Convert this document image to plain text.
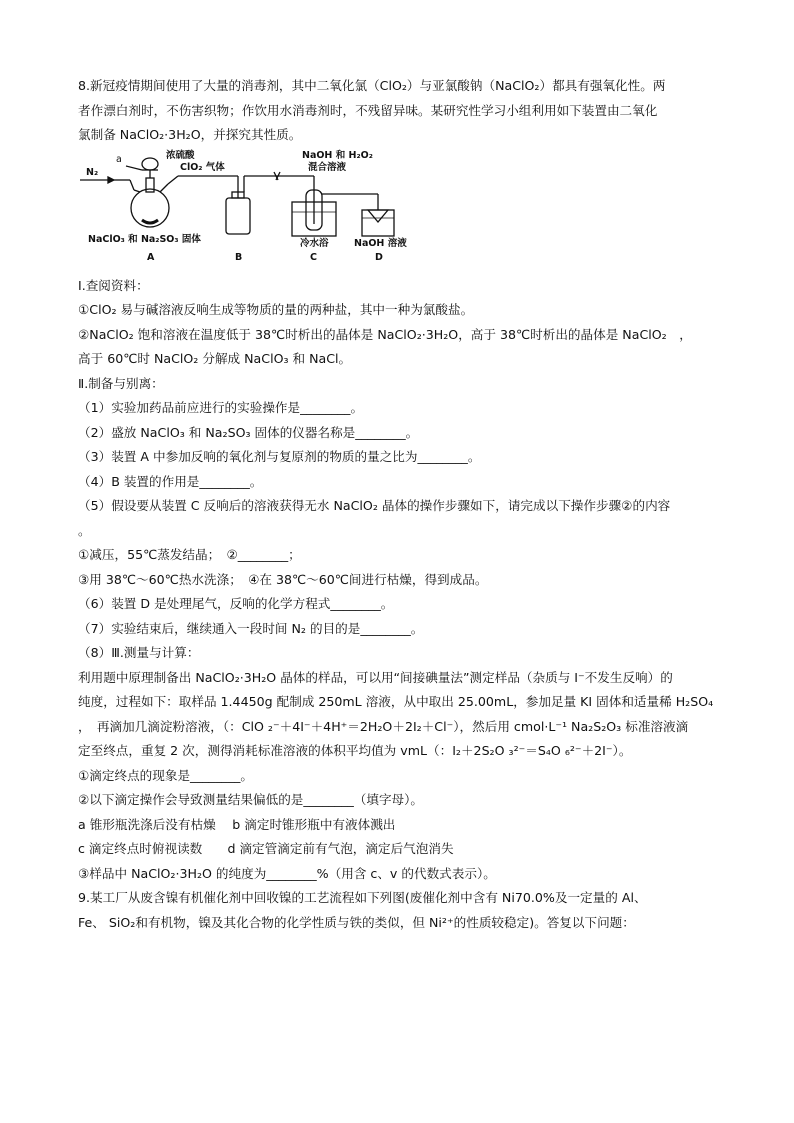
8.新冠疫情期间使用了大量的消毒剂，其中二氧化氯（ClO₂）与亚氯酸钠（NaClO₂）都具有强氧化性。两
者作漂白剂时，不伤害织物；作饮用水消毒剂时，不残留异味。某研究性学习小组利用如下装置由二氧化
氯制备 NaClO₂·3H₂O，并探究其性质。
a	浓硫酸
ClO₂ 气体
N₂
NaOH 和 H₂O₂
混合溶液
NaClO₃ 和 Na₂SO₃ 固体	冷水浴	NaOH 溶液
A	B	C	D
Ⅰ.查阅资料：
①ClO₂ 易与碱溶液反响生成等物质的量的两种盐，其中一种为氯酸盐。
②NaClO₂ 饱和溶液在温度低于 38℃时析出的晶体是 NaClO₂·3H₂O，高于 38℃时析出的晶体是 NaClO₂　，
高于 60℃时 NaClO₂ 分解成 NaClO₃ 和 NaCl。
Ⅱ.制备与别离：
（1）实验加药品前应进行的实验操作是________。
（2）盛放 NaClO₃ 和 Na₂SO₃ 固体的仪器名称是________。
（3）装置 A 中参加反响的氧化剂与复原剂的物质的量之比为________。
（4）B 装置的作用是________。
（5）假设要从装置 C 反响后的溶液获得无水 NaClO₂ 晶体的操作步骤如下，请完成以下操作步骤②的内容
。
①减压，55℃蒸发结晶；　②________；
③用 38℃～60℃热水洗涤；　④在 38℃～60℃间进行枯燥，得到成品。
（6）装置 D 是处理尾气，反响的化学方程式________。
（7）实验结束后，继续通入一段时间 N₂ 的目的是________。
（8）Ⅲ.测量与计算：
利用题中原理制备出 NaClO₂·3H₂O 晶体的样品，可以用“间接碘量法”测定样品（杂质与 I⁻不发生反响）的
纯度，过程如下：取样品 1.4450g 配制成 250mL 溶液，从中取出 25.00mL，参加足量 KI 固体和适量稀 H₂SO₄
，　再滴加几滴淀粉溶液，（：ClO ₂⁻＋4I⁻＋4H⁺＝2H₂O＋2I₂＋Cl⁻），然后用 cmol·L⁻¹ Na₂S₂O₃ 标准溶液滴
定至终点，重复 2 次，测得消耗标准溶液的体积平均值为 vmL（：I₂＋2S₂O ₃²⁻＝S₄O ₆²⁻＋2I⁻）。
①滴定终点的现象是________。
②以下滴定操作会导致测量结果偏低的是________（填字母）。
a 锥形瓶洗涤后没有枯燥　 b 滴定时锥形瓶中有液体溅出
c 滴定终点时俯视读数　　d 滴定管滴定前有气泡，滴定后气泡消失
③样品中 NaClO₂·3H₂O 的纯度为________%（用含 c、v 的代数式表示）。
9.某工厂从废含镍有机催化剂中回收镍的工艺流程如下列图(废催化剂中含有 Ni70.0%及一定量的 Al、
Fe、 SiO₂和有机物，镍及其化合物的化学性质与铁的类似，但 Ni²⁺的性质较稳定)。答复以下问题：
